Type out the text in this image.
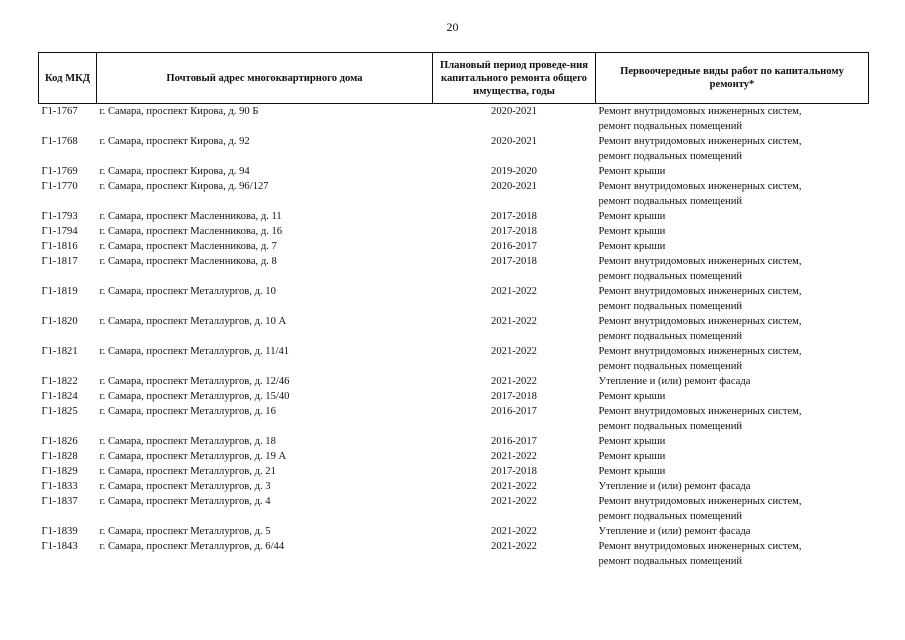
20
Код МКД	Почтовый адрес многоквартирного дома	Плановый период проведе-ния капитального ремонта общего имущества, годы	Первоочередные виды работ по капитальному ремонту*
Г1-1767	г. Самара, проспект Кирова, д. 90 Б	2020-2021	Ремонт внутридомовых инженерных систем,
ремонт подвальных помещений

Г1-1768	г. Самара, проспект Кирова, д. 92	2020-2021	Ремонт внутридомовых инженерных систем,
ремонт подвальных помещений

Г1-1769	г. Самара, проспект Кирова, д. 94	2019-2020	Ремонт крыши

Г1-1770	г. Самара, проспект Кирова, д. 96/127	2020-2021	Ремонт внутридомовых инженерных систем,
ремонт подвальных помещений

Г1-1793	г. Самара, проспект Масленникова, д. 11	2017-2018	Ремонт крыши

Г1-1794	г. Самара, проспект Масленникова, д. 16	2017-2018	Ремонт крыши

Г1-1816	г. Самара, проспект Масленникова, д. 7	2016-2017	Ремонт крыши

Г1-1817	г. Самара, проспект Масленникова, д. 8	2017-2018	Ремонт внутридомовых инженерных систем,
ремонт подвальных помещений

Г1-1819	г. Самара, проспект Металлургов, д. 10	2021-2022	Ремонт внутридомовых инженерных систем,
ремонт подвальных помещений

Г1-1820	г. Самара, проспект Металлургов, д. 10 А	2021-2022	Ремонт внутридомовых инженерных систем,
ремонт подвальных помещений

Г1-1821	г. Самара, проспект Металлургов, д. 11/41	2021-2022	Ремонт внутридомовых инженерных систем,
ремонт подвальных помещений

Г1-1822	г. Самара, проспект Металлургов, д. 12/46	2021-2022	Утепление и (или) ремонт фасада

Г1-1824	г. Самара, проспект Металлургов, д. 15/40	2017-2018	Ремонт крыши

Г1-1825	г. Самара, проспект Металлургов, д. 16	2016-2017	Ремонт внутридомовых инженерных систем,
ремонт подвальных помещений

Г1-1826	г. Самара, проспект Металлургов, д. 18	2016-2017	Ремонт крыши

Г1-1828	г. Самара, проспект Металлургов, д. 19 А	2021-2022	Ремонт крыши

Г1-1829	г. Самара, проспект Металлургов, д. 21	2017-2018	Ремонт крыши

Г1-1833	г. Самара, проспект Металлургов, д. 3	2021-2022	Утепление и (или) ремонт фасада

Г1-1837	г. Самара, проспект Металлургов, д. 4	2021-2022	Ремонт внутридомовых инженерных систем,
ремонт подвальных помещений

Г1-1839	г. Самара, проспект Металлургов, д. 5	2021-2022	Утепление и (или) ремонт фасада

Г1-1843	г. Самара, проспект Металлургов, д. 6/44	2021-2022	Ремонт внутридомовых инженерных систем,
ремонт подвальных помещений
